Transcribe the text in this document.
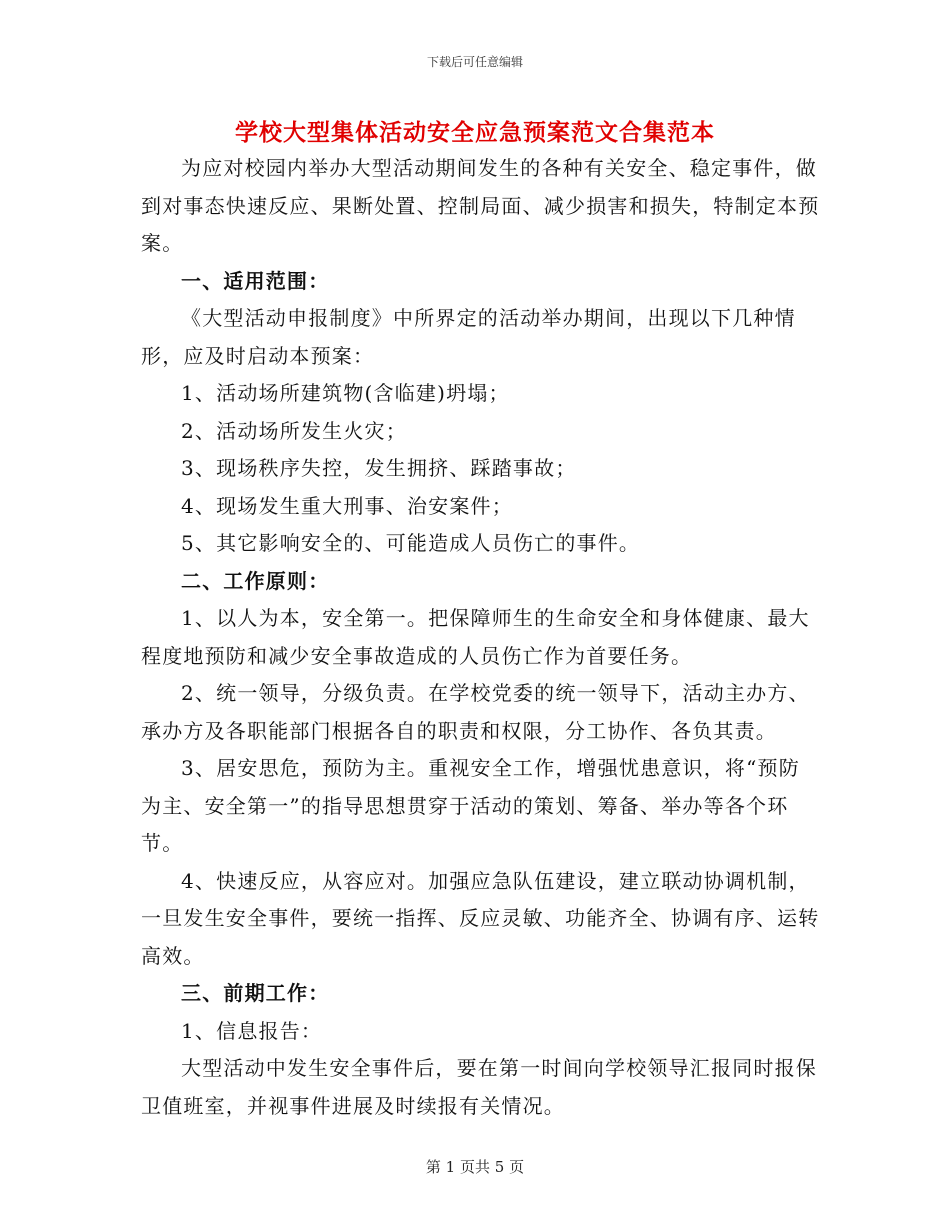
下载后可任意编辑
学校大型集体活动安全应急预案范文合集范本

为应对校园内举办大型活动期间发生的各种有关安全、稳定事件，做到对事态快速反应、果断处置、控制局面、减少损害和损失，特制定本预案。

一、适用范围：

《大型活动申报制度》中所界定的活动举办期间，出现以下几种情形，应及时启动本预案：

1、活动场所建筑物(含临建)坍塌；

2、活动场所发生火灾；

3、现场秩序失控，发生拥挤、踩踏事故；

4、现场发生重大刑事、治安案件；

5、其它影响安全的、可能造成人员伤亡的事件。

二、工作原则：

1、以人为本，安全第一。把保障师生的生命安全和身体健康、最大程度地预防和减少安全事故造成的人员伤亡作为首要任务。

2、统一领导，分级负责。在学校党委的统一领导下，活动主办方、承办方及各职能部门根据各自的职责和权限，分工协作、各负其责。

3、居安思危，预防为主。重视安全工作，增强忧患意识，将“预防为主、安全第一”的指导思想贯穿于活动的策划、筹备、举办等各个环节。

4、快速反应，从容应对。加强应急队伍建设，建立联动协调机制，一旦发生安全事件，要统一指挥、反应灵敏、功能齐全、协调有序、运转高效。

三、前期工作：

1、信息报告：

大型活动中发生安全事件后，要在第一时间向学校领导汇报同时报保卫值班室，并视事件进展及时续报有关情况。

第 1 页共 5 页
